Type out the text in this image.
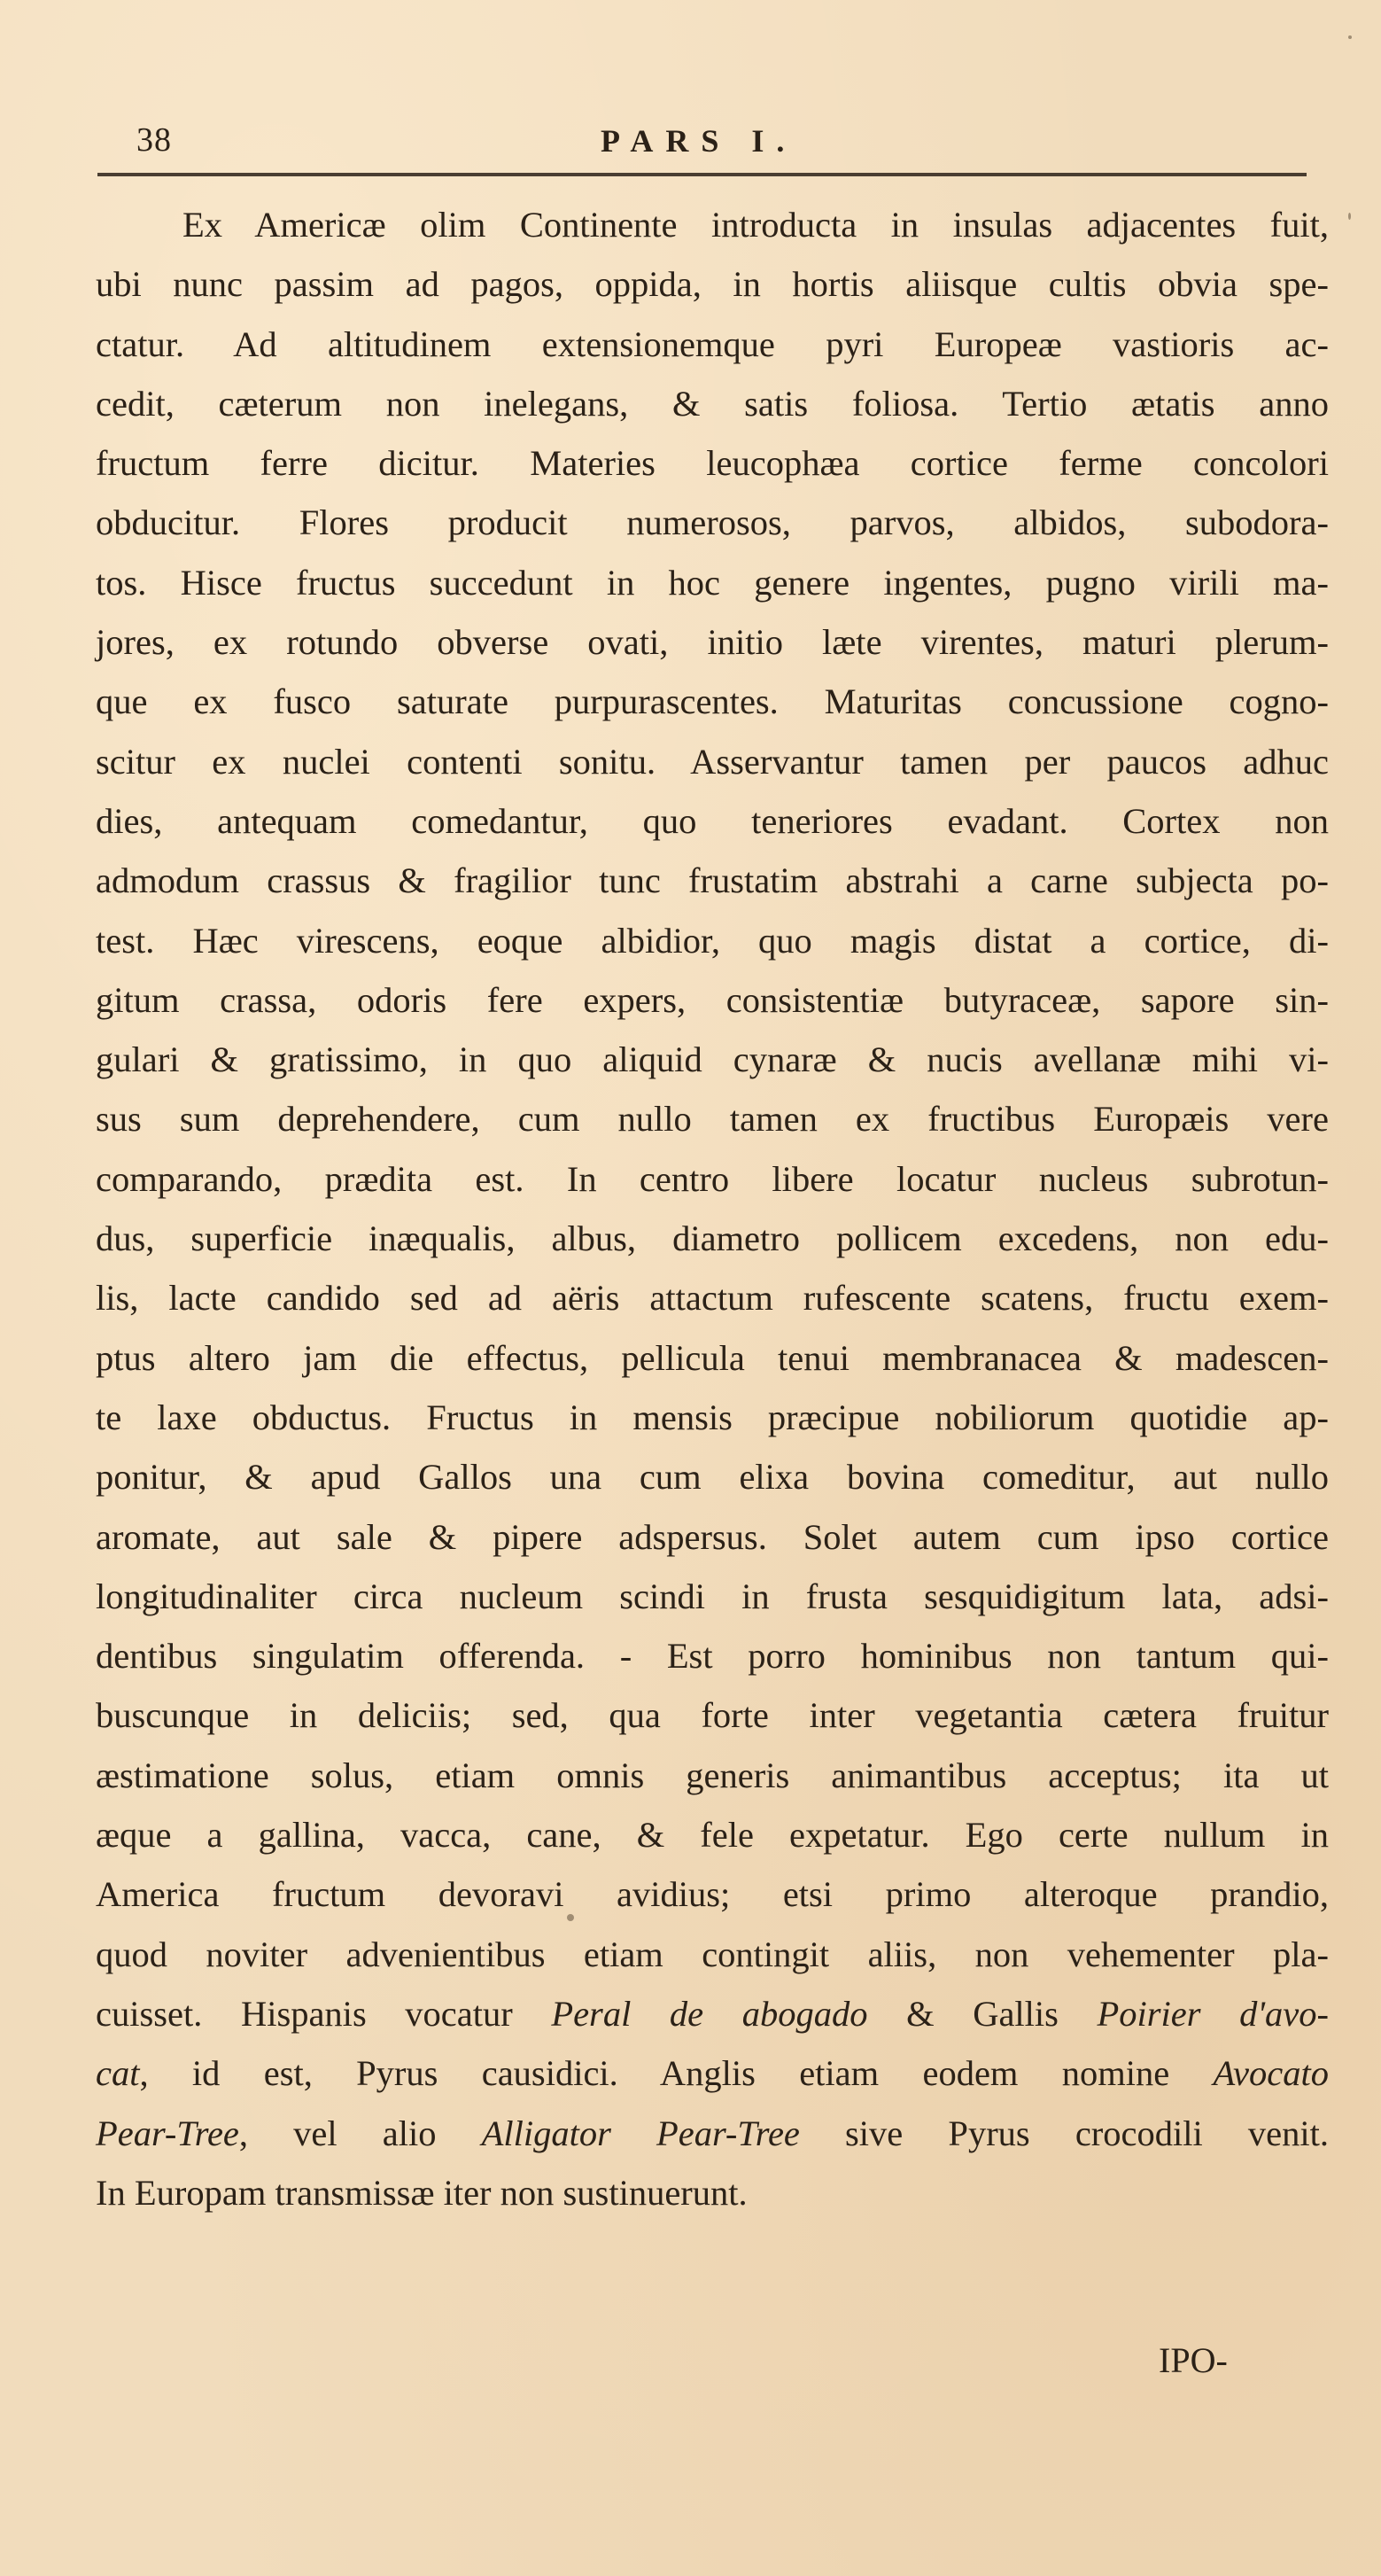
38	PARS I.
Ex Americæ olim Continente introducta in insulas adjacentes fuit,
ubi nunc passim ad pagos, oppida, in hortis aliisque cultis obvia spe-
ctatur. Ad altitudinem extensionemque pyri Europeæ vastioris ac-
cedit, cæterum non inelegans, & satis foliosa. Tertio ætatis anno
fructum ferre dicitur. Materies leucophæa cortice ferme concolori
obducitur. Flores producit numerosos, parvos, albidos, subodora-
tos. Hisce fructus succedunt in hoc genere ingentes, pugno virili ma-
jores, ex rotundo obverse ovati, initio læte virentes, maturi plerum-
que ex fusco saturate purpurascentes. Maturitas concussione cogno-
scitur ex nuclei contenti sonitu. Asservantur tamen per paucos adhuc
dies, antequam comedantur, quo teneriores evadant. Cortex non
admodum crassus & fragilior tunc frustatim abstrahi a carne subjecta po-
test. Hæc virescens, eoque albidior, quo magis distat a cortice, di-
gitum crassa, odoris fere expers, consistentiæ butyraceæ, sapore sin-
gulari & gratissimo, in quo aliquid cynaræ & nucis avellanæ mihi vi-
sus sum deprehendere, cum nullo tamen ex fructibus Europæis vere
comparando, prædita est. In centro libere locatur nucleus subrotun-
dus, superficie inæqualis, albus, diametro pollicem excedens, non edu-
lis, lacte candido sed ad aëris attactum rufescente scatens, fructu exem-
ptus altero jam die effectus, pellicula tenui membranacea & madescen-
te laxe obductus. Fructus in mensis præcipue nobiliorum quotidie ap-
ponitur, & apud Gallos una cum elixa bovina comeditur, aut nullo
aromate, aut sale & pipere adspersus. Solet autem cum ipso cortice
longitudinaliter circa nucleum scindi in frusta sesquidigitum lata, adsi-
dentibus singulatim offerenda. - Est porro hominibus non tantum qui-
buscunque in deliciis; sed, qua forte inter vegetantia cætera fruitur
æstimatione solus, etiam omnis generis animantibus acceptus; ita ut
æque a gallina, vacca, cane, & fele expetatur. Ego certe nullum in
America fructum devoravi avidius; etsi primo alteroque prandio,
quod noviter advenientibus etiam contingit aliis, non vehementer pla-
cuisset. Hispanis vocatur Peral de abogado & Gallis Poirier d'avo-
cat, id est, Pyrus causidici. Anglis etiam eodem nomine Avocato
Pear-Tree, vel alio Alligator Pear-Tree sive Pyrus crocodili venit.
In Europam transmissæ iter non sustinuerunt.
IPO-
